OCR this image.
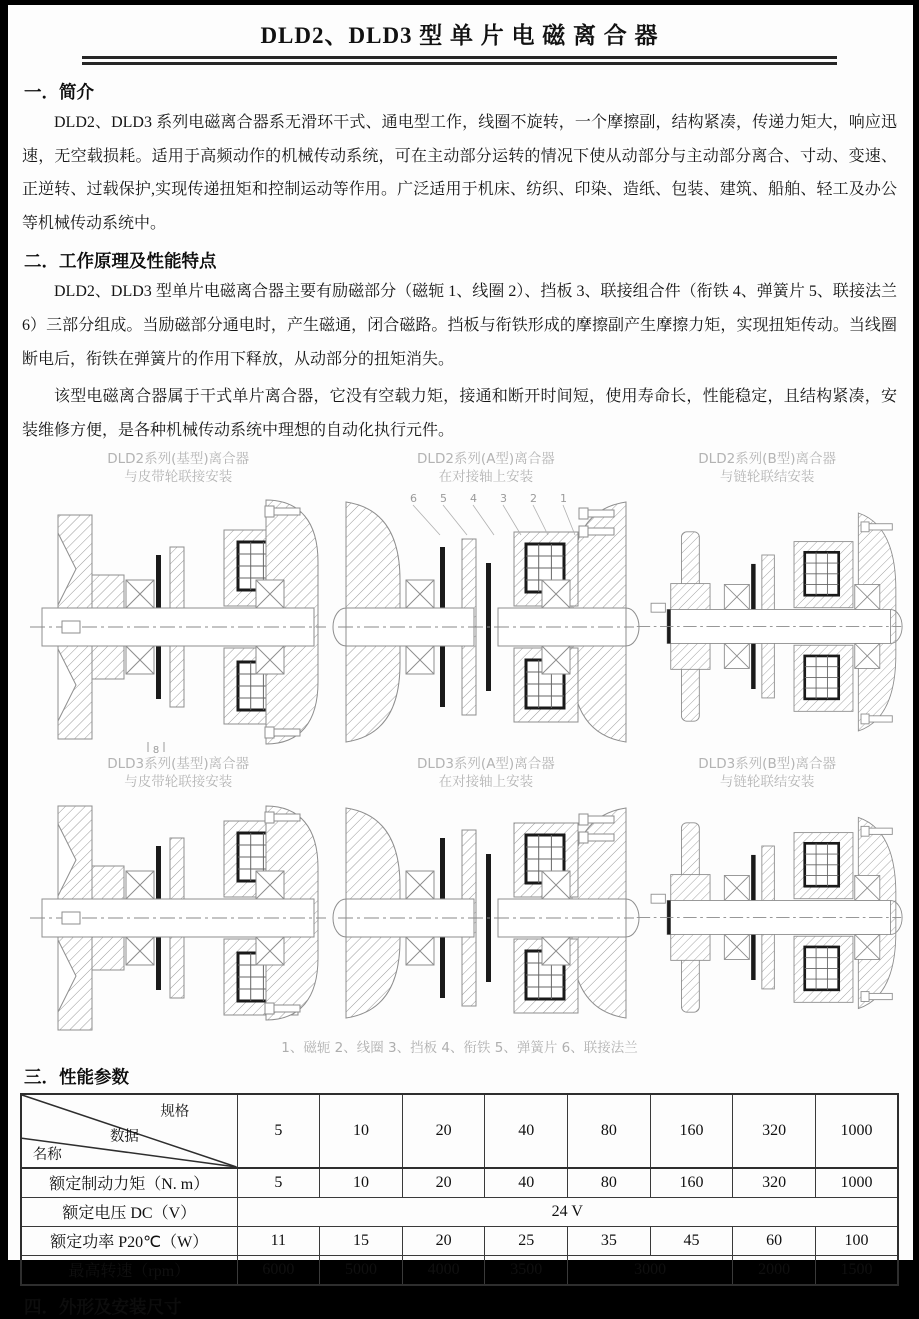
DLD2、DLD3 型 单 片 电 磁 离 合 器
一．简介

DLD2、DLD3 系列电磁离合器系无滑环干式、通电型工作，线圈不旋转，一个摩擦副，结构紧凑，传递力矩大，响应迅速，无空载损耗。适用于高频动作的机械传动系统，可在主动部分运转的情况下使从动部分与主动部分离合、寸动、变速、正逆转、过载保护,实现传递扭矩和控制运动等作用。广泛适用于机床、纺织、印染、造纸、包装、建筑、船舶、轻工及办公等机械传动系统中。

二．工作原理及性能特点

DLD2、DLD3 型单片电磁离合器主要有励磁部分（磁轭 1、线圈 2）、挡板 3、联接组合件（衔铁 4、弹簧片 5、联接法兰 6）三部分组成。当励磁部分通电时，产生磁通，闭合磁路。挡板与衔铁形成的摩擦副产生摩擦力矩，实现扭矩传动。当线圈断电后，衔铁在弹簧片的作用下释放，从动部分的扭矩消失。

该型电磁离合器属于干式单片离合器，它没有空载力矩，接通和断开时间短，使用寿命长，性能稳定，且结构紧凑，安装维修方便，是各种机械传动系统中理想的自动化执行元件。

DLD2系列(基型)离合器
与皮带轮联接安装
8
DLD2系列(A型)离合器
在对接轴上安装
6 5 4 3 2 1
DLD2系列(B型)离合器
与链轮联结安装
DLD3系列(基型)离合器
与皮带轮联接安装
DLD3系列(A型)离合器
在对接轴上安装
DLD3系列(B型)离合器
与链轮联结安装
1、磁轭 2、线圈 3、挡板 4、衔铁 5、弹簧片 6、联接法兰
三．性能参数
规格
数据
名称	5	10	20	40	80	160	320	1000
额定制动力矩（N. m）	5	10	20	40	80	160	320	1000
额定电压 DC（V）	24 V							
额定功率 P20℃（W）	11	15	20	25	35	45	60	100
最高转速（rpm）	6000	5000	4000	3500	3000		2000	1500
四．外形及安装尺寸
